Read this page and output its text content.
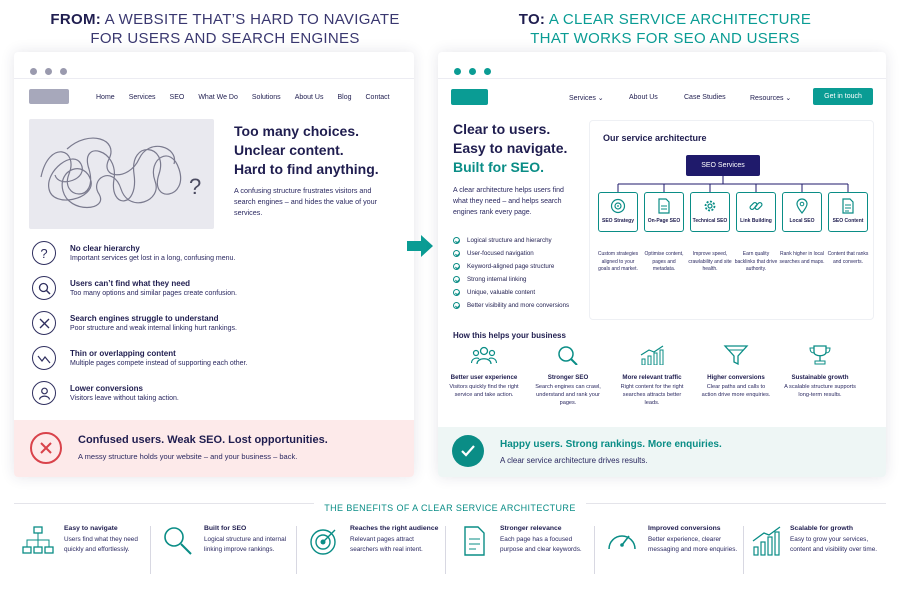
FROM: A WEBSITE THAT’S HARD TO NAVIGATE
FOR USERS AND SEARCH ENGINES
TO: A CLEAR SERVICE ARCHITECTURE
THAT WORKS FOR SEO AND USERS
Home Services SEO What We Do Solutions About Us Blog Contact
?
Too many choices.
Unclear content.
Hard to find anything.
A confusing structure frustrates visitors and search engines – and hides the value of your services.
?	No clear hierarchy
Important services get lost in a long, confusing menu.
Users can’t find what they need
Too many options and similar pages create confusion.
Search engines struggle to understand
Poor structure and weak internal linking hurt rankings.
Thin or overlapping content
Multiple pages compete instead of supporting each other.
Lower conversions
Visitors leave without taking action.
Confused users. Weak SEO. Lost opportunities.
A messy structure holds your website – and your business – back.
Services ⌄	About Us	Case Studies	Resources ⌄	Get in touch
Clear to users.
Easy to navigate.
Built for SEO.
A clear architecture helps users find what they need – and helps search engines rank every page.
Logical structure and hierarchy
User-focused navigation
Keyword-aligned page structure
Strong internal linking
Unique, valuable content
Better visibility and more conversions
Our service architecture
SEO Services
SEO Strategy	On-Page SEO Technical SEO	Link Building	Local SEO	SEO Content
Custom strategies aligned to your goals and market.
Optimise content, pages and metadata.
Improve speed, crawlability and site health.
Earn quality backlinks that drive authority.
Rank higher in local searches and maps.
Content that ranks and converts.
How this helps your business
Better user experience
Visitors quickly find the right service and take action.
Stronger SEO
Search engines can crawl, understand and rank your pages.
More relevant traffic
Right content for the right searches attracts better leads.
Higher conversions
Clear paths and calls to action drive more enquiries.
Sustainable growth
A scalable structure supports long-term results.
Happy users. Strong rankings. More enquiries.
A clear service architecture drives results.
THE BENEFITS OF A CLEAR SERVICE ARCHITECTURE
Easy to navigate
Users find what they need quickly and effortlessly.
Built for SEO
Logical structure and internal linking improve rankings.
Reaches the right audience
Relevant pages attract searchers with real intent.
Stronger relevance
Each page has a focused purpose and clear keywords.
Improved conversions
Better experience, clearer messaging and more enquiries.
Scalable for growth
Easy to grow your services, content and visibility over time.
